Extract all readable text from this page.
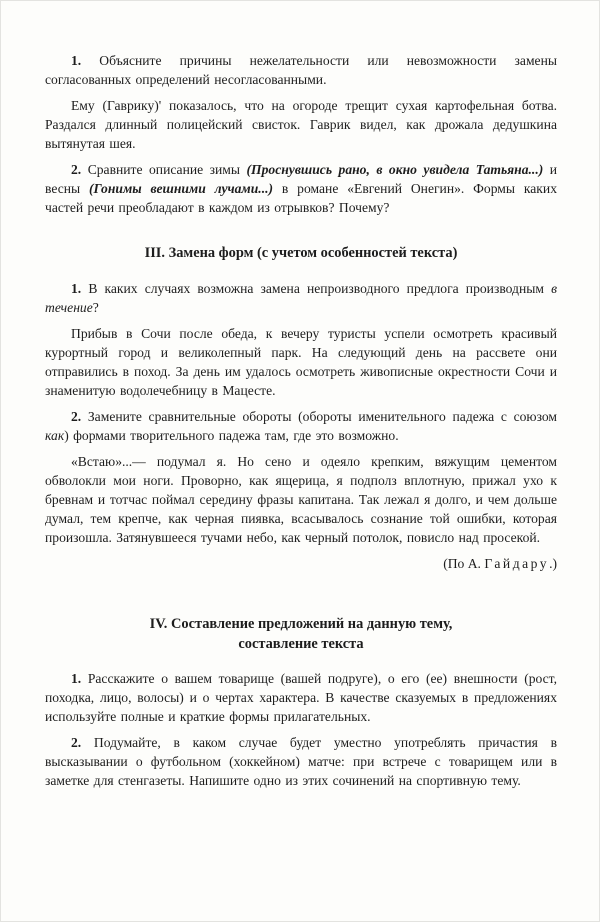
1. Объясните причины нежелательности или невозможности замены согласованных определений несогласованными.

Ему (Гаврику)' показалось, что на огороде трещит сухая картофельная ботва. Раздался длинный полицейский свисток. Гаврик видел, как дрожала дедушкина вытянутая шея.

2. Сравните описание зимы (Проснувшись рано, в окно увидела Татьяна...) и весны (Гонимы вешними лучами...) в романе «Евгений Онегин». Формы каких частей речи преобладают в каждом из отрывков? Почему?

III. Замена форм (с учетом особенностей текста)

1. В каких случаях возможна замена непроизводного предлога производным в течение?

Прибыв в Сочи после обеда, к вечеру туристы успели осмотреть красивый курортный город и великолепный парк. На следующий день на рассвете они отправились в поход. За день им удалось осмотреть живописные окрестности Сочи и знаменитую водолечебницу в Мацесте.

2. Замените сравнительные обороты (обороты именительного падежа с союзом как) формами творительного падежа там, где это возможно.

«Встаю»...— подумал я. Но сено и одеяло крепким, вяжущим цементом обволокли мои ноги. Проворно, как ящерица, я подполз вплотную, прижал ухо к бревнам и тотчас поймал середину фразы капитана. Так лежал я долго, и чем дольше думал, тем крепче, как черная пиявка, всасывалось сознание той ошибки, которая произошла. Затянувшееся тучами небо, как черный потолок, повисло над просекой.

(По А. Гайдару.)

IV. Составление предложений на данную тему,
составление текста

1. Расскажите о вашем товарище (вашей подруге), о его (ее) внешности (рост, походка, лицо, волосы) и о чертах характера. В качестве сказуемых в предложениях используйте полные и краткие формы прилагательных.

2. Подумайте, в каком случае будет уместно употреблять причастия в высказывании о футбольном (хоккейном) матче: при встрече с товарищем или в заметке для стенгазеты. Напишите одно из этих сочинений на спортивную тему.
